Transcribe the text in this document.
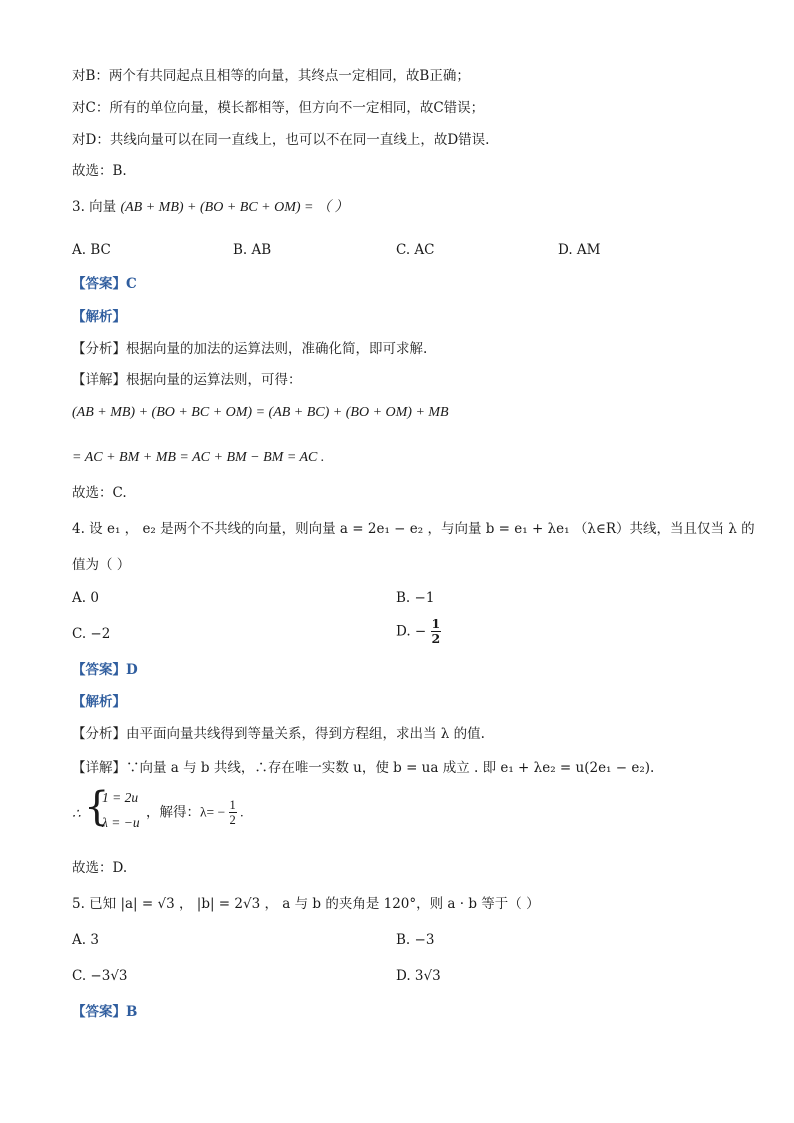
对B：两个有共同起点且相等的向量，其终点一定相同，故B正确；
对C：所有的单位向量，模长都相等，但方向不一定相同，故C错误；
对D：共线向量可以在同一直线上，也可以不在同一直线上，故D错误.
故选：B.
3. 向量 (AB + MB) + (BO + BC + OM) = （ ）
A. BC	B. AB	C. AC	D. AM
【答案】C
【解析】
【分析】根据向量的加法的运算法则，准确化简，即可求解.
【详解】根据向量的运算法则，可得：
(AB + MB) + (BO + BC + OM) = (AB + BC) + (BO + OM) + MB
= AC + BM + MB = AC + BM − BM = AC .
故选：C.
4. 设 e₁ ， e₂ 是两个不共线的向量，则向量 a = 2e₁ − e₂ ，与向量 b = e₁ + λe₁ （λ∈R）共线，当且仅当 λ 的
值为（ ）
A. 0	B. −1
C. −2	D. − $\frac{1}{2}$
【答案】D
【解析】
【分析】由平面向量共线得到等量关系，得到方程组，求出当 λ 的值.
【详解】∵向量 a 与 b 共线，∴存在唯一实数 u，使 b = ua 成立 . 即 e₁ + λe₂ = u(2e₁ − e₂).
∴ {
1 = 2u
λ = −u
，解得：$\lambda= - \frac{1}{2}$ .
故选：D.
5. 已知 |a| = √3 ， |b| = 2√3 ， a 与 b 的夹角是 120°，则 a · b 等于（ ）
A. 3	B. −3
C. −3√3	D. 3√3
【答案】B
